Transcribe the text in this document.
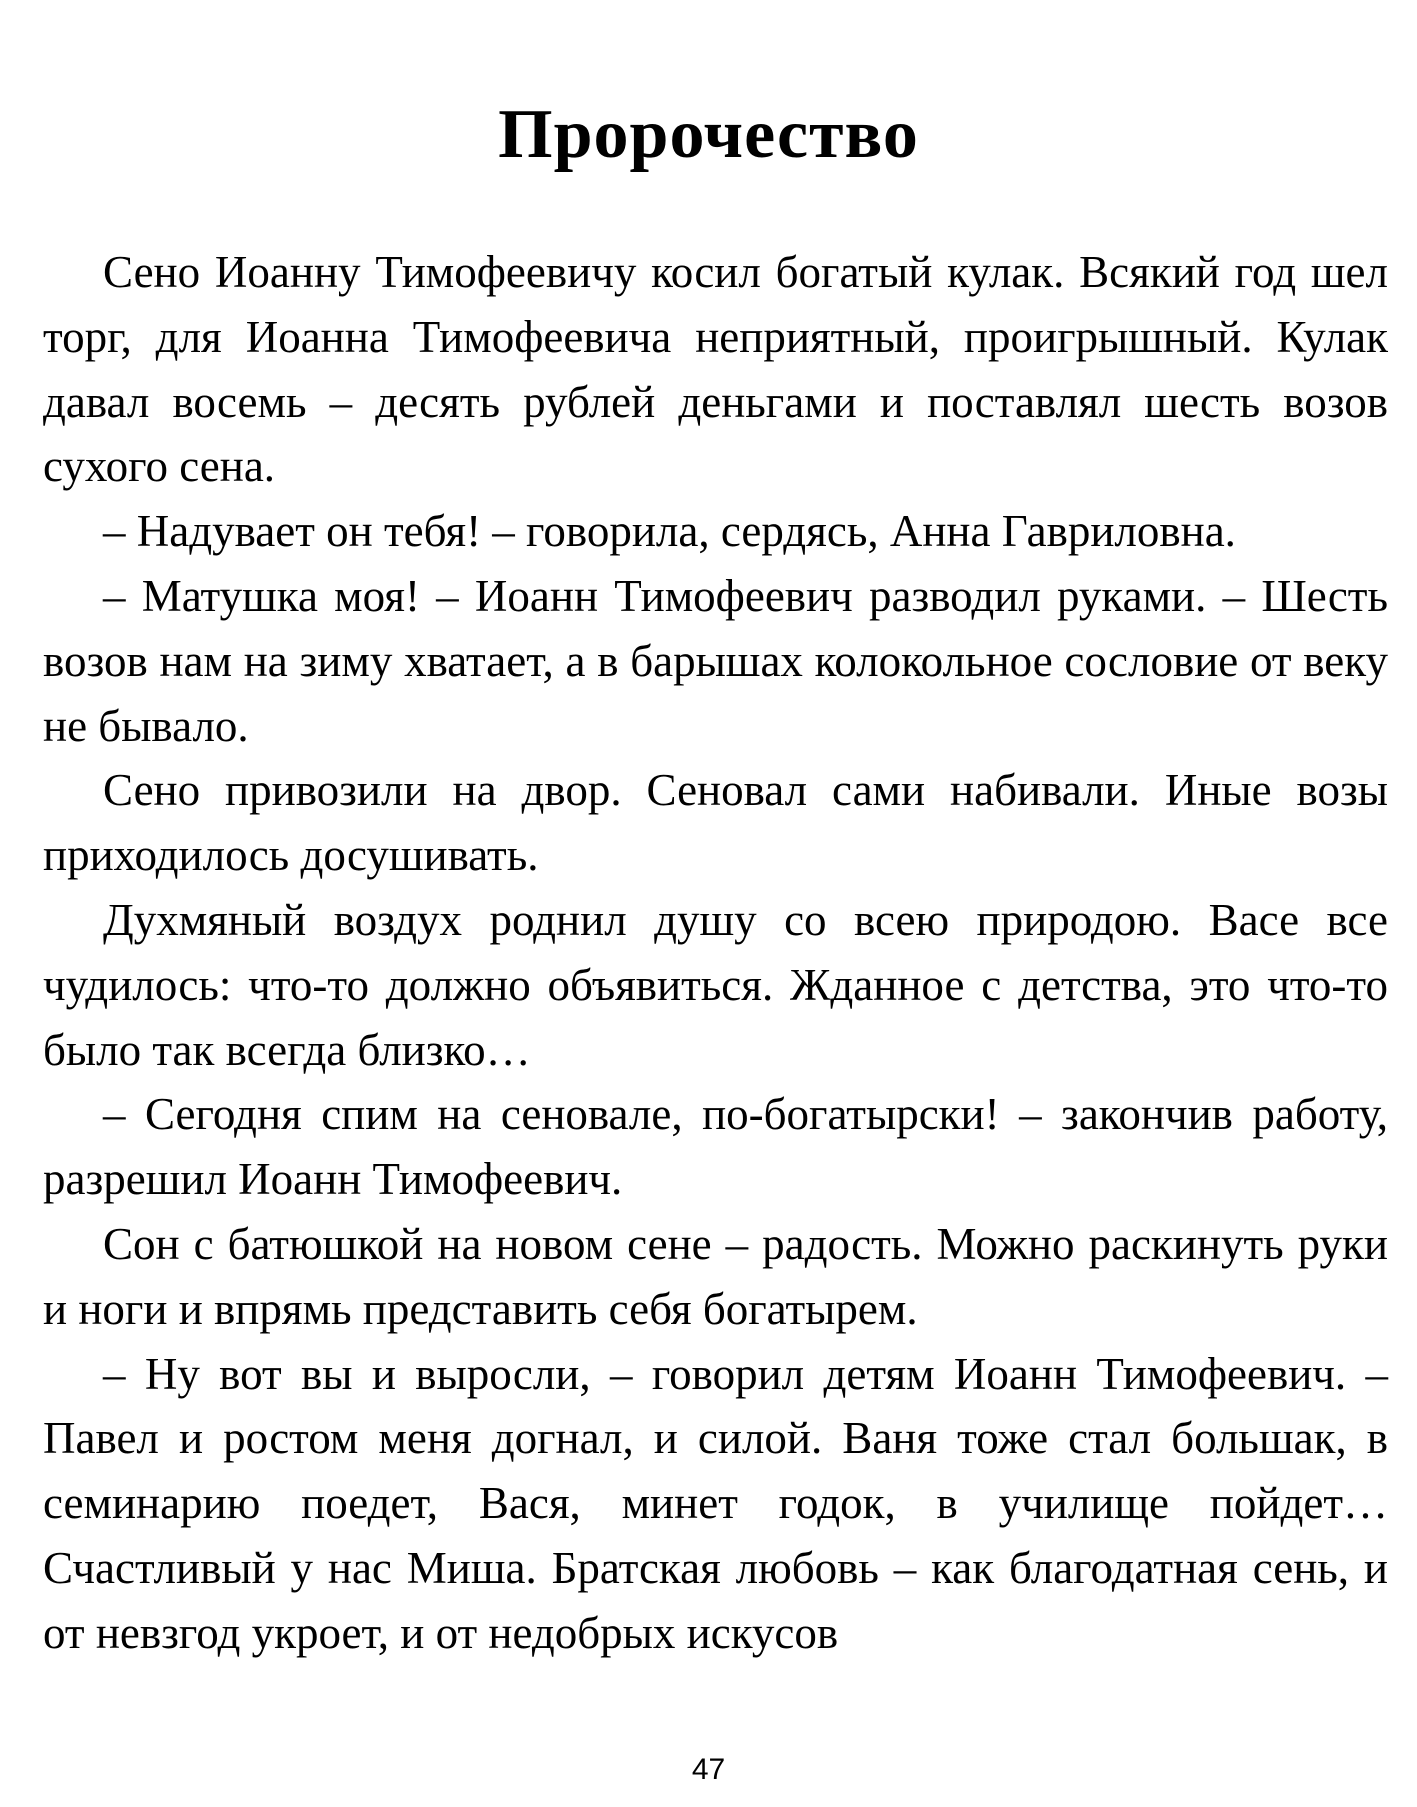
Пророчество

Сено Иоанну Тимофеевичу косил богатый кулак. Всякий год шел торг, для Иоанна Тимофеевича неприятный, проигрышный. Кулак давал восемь – десять рублей деньгами и поставлял шесть возов сухого сена.

– Надувает он тебя! – говорила, сердясь, Анна Гавриловна.

– Матушка моя! – Иоанн Тимофеевич разводил руками. – Шесть возов нам на зиму хватает, а в барышах колокольное сословие от веку не бывало.

Сено привозили на двор. Сеновал сами набивали. Иные возы приходилось досушивать.

Духмяный воздух роднил душу со всею природою. Васе все чудилось: что-то должно объявиться. Жданное с детства, это что-то было так всегда близко…

– Сегодня спим на сеновале, по-богатырски! – закончив работу, разрешил Иоанн Тимофеевич.

Сон с батюшкой на новом сене – радость. Можно раскинуть руки и ноги и впрямь представить себя богатырем.

– Ну вот вы и выросли, – говорил детям Иоанн Тимофеевич. – Павел и ростом меня догнал, и силой. Ваня тоже стал большак, в семинарию поедет, Вася, минет годок, в училище пойдет… Счастливый у нас Миша. Братская любовь – как благодатная сень, и от невзгод укроет, и от недобрых искусов

47
